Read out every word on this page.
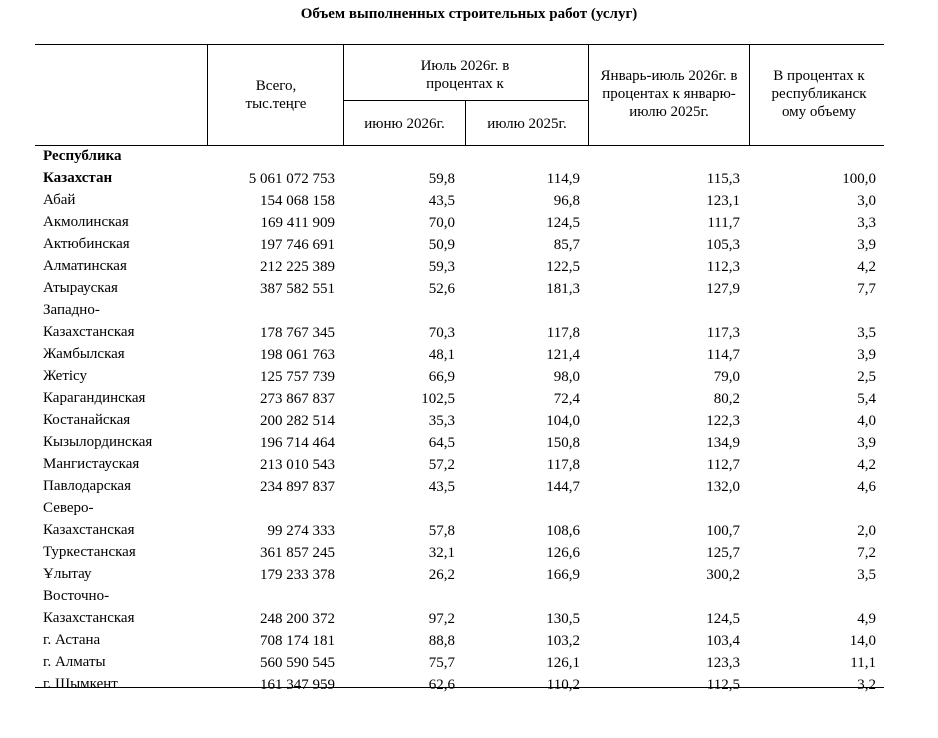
Объем выполненных строительных работ (услуг)
Всего, тыс.теңге
Июль 2026г. в процентах к
июню 2026г.	июлю 2025г.
Январь-июль 2026г. в процентах к январю-июлю 2025г.
В процентах к республиканск ому объему
Республика
Казахстан	5 061 072 753	59,8	114,9	115,3	100,0
Абай	154 068 158	43,5	96,8	123,1	3,0
Акмолинская	169 411 909	70,0	124,5	111,7	3,3
Актюбинская	197 746 691	50,9	85,7	105,3	3,9
Алматинская	212 225 389	59,3	122,5	112,3	4,2
Атырауская	387 582 551	52,6	181,3	127,9	7,7
Западно-
Казахстанская	178 767 345	70,3	117,8	117,3	3,5
Жамбылская	198 061 763	48,1	121,4	114,7	3,9
Жетісу	125 757 739	66,9	98,0	79,0	2,5
Карагандинская	273 867 837	102,5	72,4	80,2	5,4
Костанайская	200 282 514	35,3	104,0	122,3	4,0
Кызылординская	196 714 464	64,5	150,8	134,9	3,9
Мангистауская	213 010 543	57,2	117,8	112,7	4,2
Павлодарская	234 897 837	43,5	144,7	132,0	4,6
Северо-
Казахстанская	99 274 333	57,8	108,6	100,7	2,0
Туркестанская	361 857 245	32,1	126,6	125,7	7,2
Ұлытау	179 233 378	26,2	166,9	300,2	3,5
Восточно-
Казахстанская	248 200 372	97,2	130,5	124,5	4,9
г. Астана	708 174 181	88,8	103,2	103,4	14,0
г. Алматы	560 590 545	75,7	126,1	123,3	11,1
г. Шымкент	161 347 959	62,6	110,2	112,5	3,2
